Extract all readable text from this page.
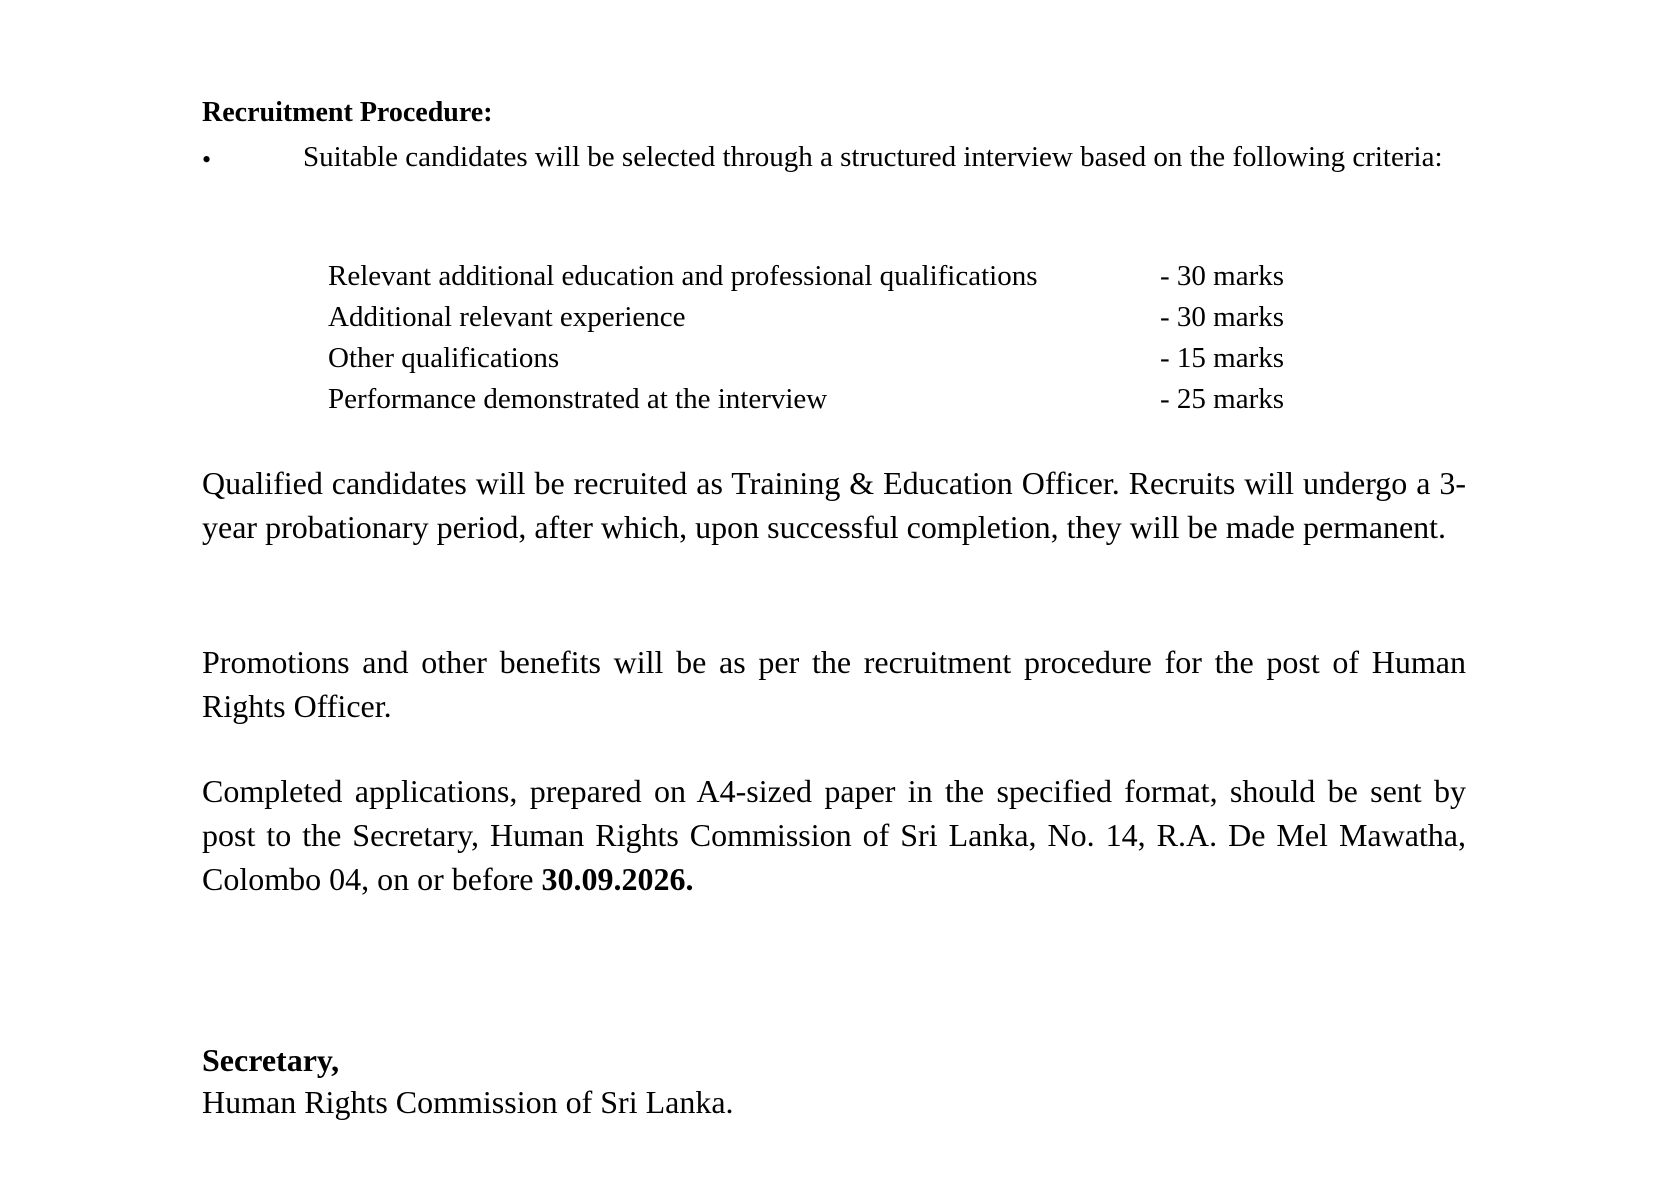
Recruitment Procedure:
•	Suitable candidates will be selected through a structured interview based on the following criteria:

Relevant additional education and professional qualifications	- 30 marks
Additional relevant experience	- 30 marks
Other qualifications	- 15 marks
Performance demonstrated at the interview	- 25 marks

Qualified candidates will be recruited as Training & Education Officer. Recruits will undergo a 3-year probationary period, after which, upon successful completion, they will be made permanent.

Promotions and other benefits will be as per the recruitment procedure for the post of Human Rights Officer.

Completed applications, prepared on A4-sized paper in the specified format, should be sent by post to the Secretary, Human Rights Commission of Sri Lanka, No. 14, R.A. De Mel Mawatha, Colombo 04, on or before 30.09.2026.

Secretary,
Human Rights Commission of Sri Lanka.
